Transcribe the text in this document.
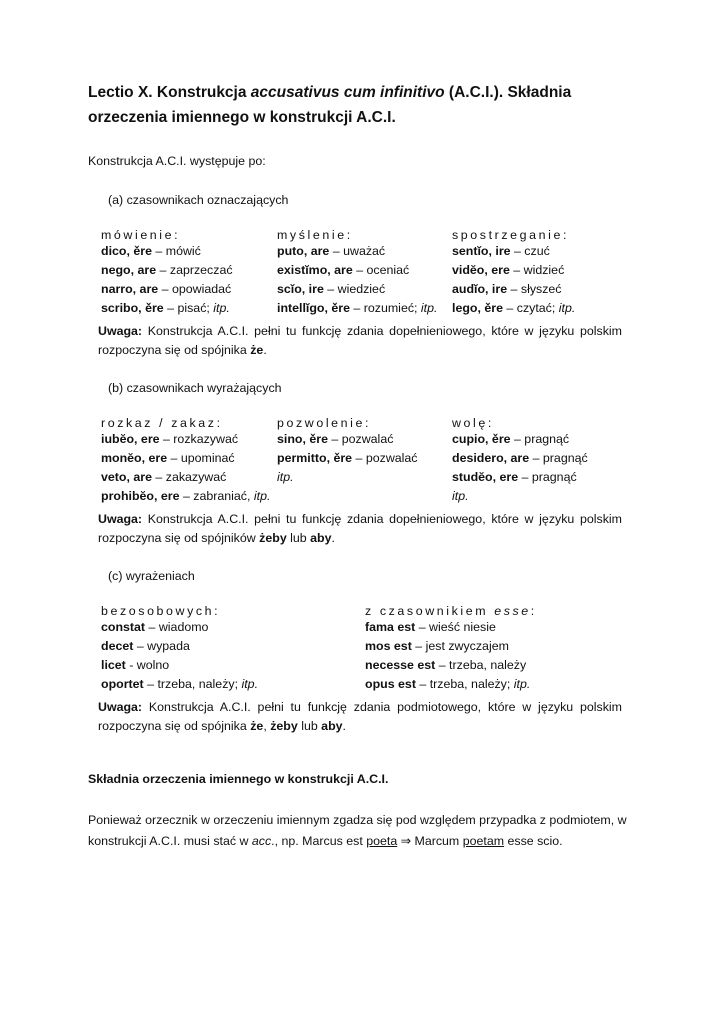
Lectio X. Konstrukcja accusativus cum infinitivo (A.C.I.). Składnia orzeczenia imiennego w konstrukcji A.C.I.

Konstrukcja A.C.I. występuje po:

(a) czasownikach oznaczających

mówienie:
dico, ěre – mówić
nego, are – zaprzeczać
narro, are – opowiadać
scribo, ěre – pisać; itp.
myślenie:
puto, are – uważać
existĭmo, are – oceniać
scĭo, ire – wiedzieć
intellĭgo, ěre – rozumieć; itp.
spostrzeganie:
sentĭo, ire – czuć
vidĕo, ere – widzieć
audĭo, ire – słyszeć
lego, ěre – czytać; itp.
Uwaga: Konstrukcja A.C.I. pełni tu funkcję zdania dopełnieniowego, które w języku polskim
rozpoczyna się od spójnika że.

(b) czasownikach wyrażających

rozkaz / zakaz:
iubĕo, ere – rozkazywać
monĕo, ere – upominać
veto, are – zakazywać
prohibĕo, ere – zabraniać, itp.
pozwolenie:
sino, ěre – pozwalać
permitto, ěre – pozwalać
itp.
wolę:
cupio, ěre – pragnąć
desidero, are – pragnąć
studĕo, ere – pragnąć
itp.
Uwaga: Konstrukcja A.C.I. pełni tu funkcję zdania dopełnieniowego, które w języku polskim
rozpoczyna się od spójników żeby lub aby.

(c) wyrażeniach

bezosobowych:
constat – wiadomo
decet – wypada
licet - wolno
oportet – trzeba, należy; itp.
z czasownikiem esse:
fama est – wieść niesie
mos est – jest zwyczajem
necesse est – trzeba, należy
opus est – trzeba, należy; itp.
Uwaga: Konstrukcja A.C.I. pełni tu funkcję zdania podmiotowego, które w języku polskim
rozpoczyna się od spójnika że, żeby lub aby.
Składnia orzeczenia imiennego w konstrukcji A.C.I.
Ponieważ orzecznik w orzeczeniu imiennym zgadza się pod względem przypadka z podmiotem, w
konstrukcji A.C.I. musi stać w acc., np. Marcus est poeta ⇒ Marcum poetam esse scio.
